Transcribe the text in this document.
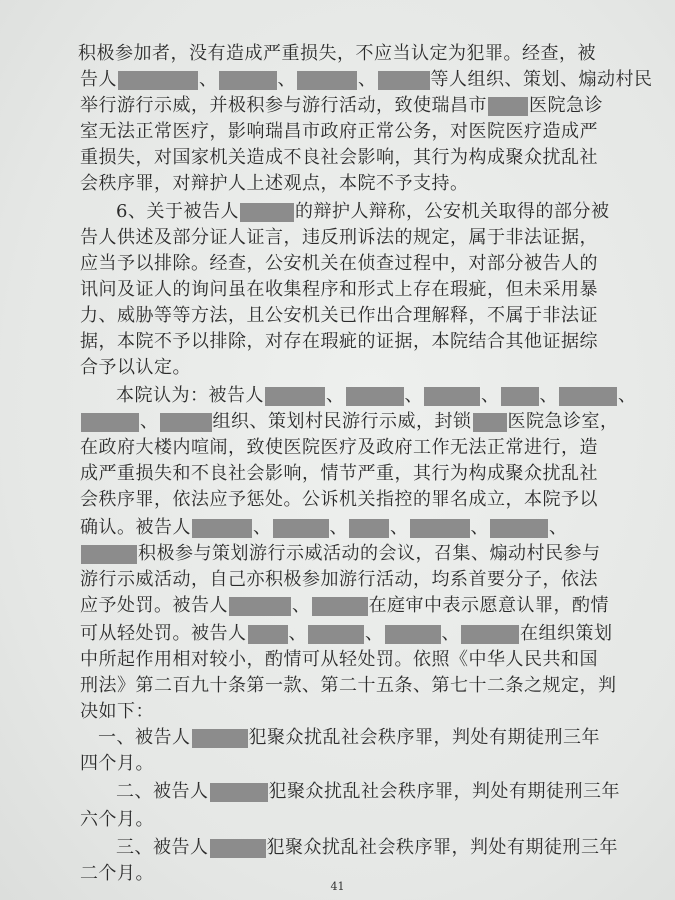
积极参加者，没有造成严重损失，不应当认定为犯罪。经查，被
告人	、	、	、	等人组织、策划、煽动村民
举行游行示威，并极积参与游行活动，致使瑞昌市 医院急诊
室无法正常医疗，影响瑞昌市政府正常公务，对医院医疗造成严
重损失，对国家机关造成不良社会影响，其行为构成聚众扰乱社
会秩序罪，对辩护人上述观点，本院不予支持。
6、关于被告人	的辩护人辩称，公安机关取得的部分被
告人供述及部分证人证言，违反刑诉法的规定，属于非法证据，
应当予以排除。经查，公安机关在侦查过程中，对部分被告人的
讯问及证人的询问虽在收集程序和形式上存在瑕疵，但未采用暴
力、威胁等等方法，且公安机关已作出合理解释，不属于非法证
据，本院不予以排除，对存在瑕疵的证据，本院结合其他证据综
合予以认定。
本院认为：被告人	、	、	、 、	、
、	组织、策划村民游行示威，封锁 医院急诊室，
在政府大楼内喧闹，致使医院医疗及政府工作无法正常进行，造
成严重损失和不良社会影响，情节严重，其行为构成聚众扰乱社
会秩序罪，依法应予惩处。公诉机关指控的罪名成立，本院予以
确认。被告人	、	、 、	、	、
积极参与策划游行示威活动的会议，召集、煽动村民参与
游行示威活动，自己亦积极参加游行活动，均系首要分子，依法
应予处罚。被告人	、	在庭审中表示愿意认罪，酌情
可从轻处罚。被告人 、	、	、	在组织策划
中所起作用相对较小，酌情可从轻处罚。依照《中华人民共和国
刑法》第二百九十条第一款、第二十五条、第七十二条之规定，判
决如下：
一、被告人	犯聚众扰乱社会秩序罪，判处有期徒刑三年
四个月。
二、被告人	犯聚众扰乱社会秩序罪，判处有期徒刑三年
六个月。
三、被告人	犯聚众扰乱社会秩序罪，判处有期徒刑三年
二个月。
41
